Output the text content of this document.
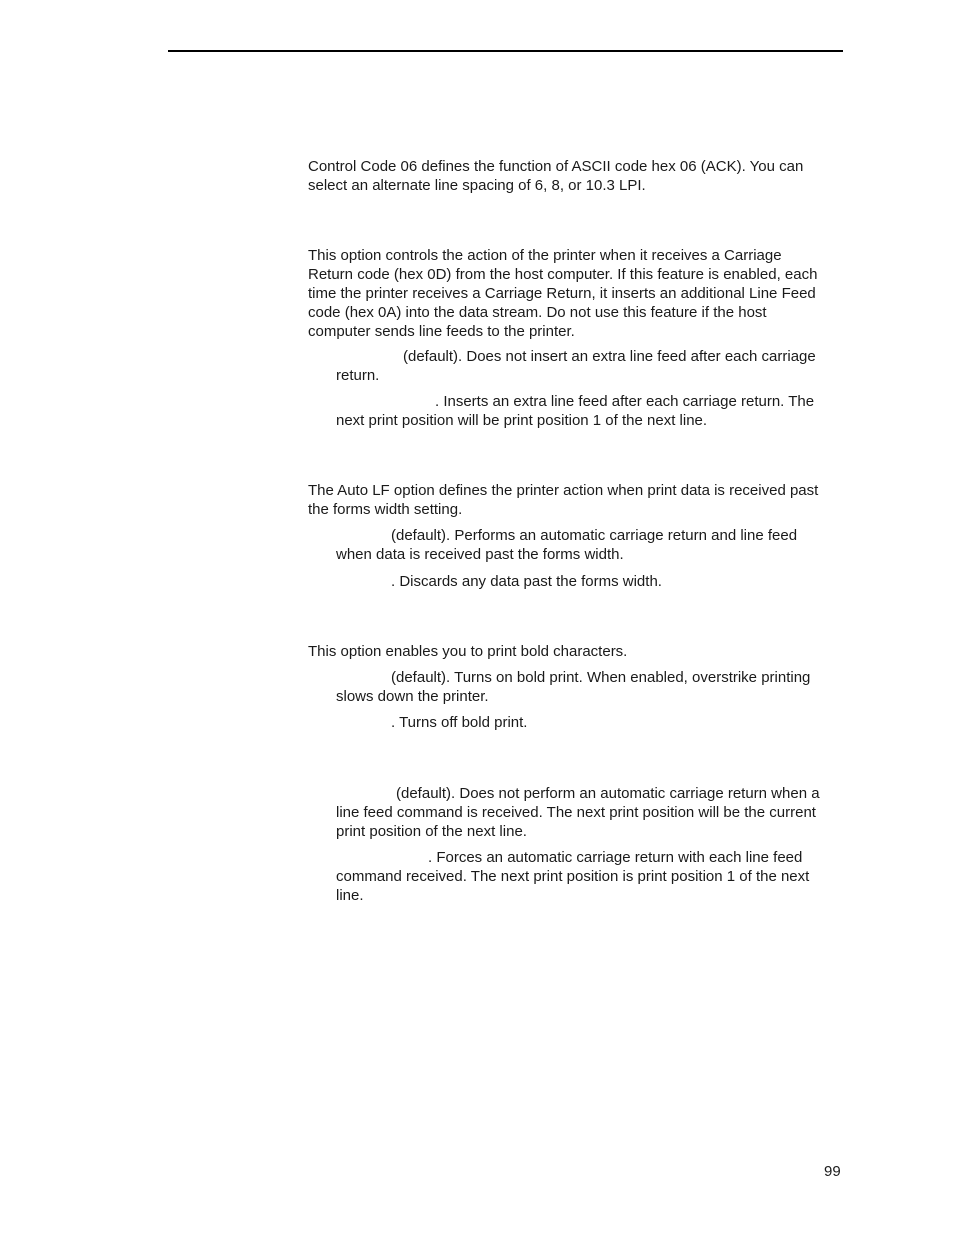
Control Code 06 defines the function of ASCII code hex 06 (ACK). You can
select an alternate line spacing of 6, 8, or 10.3 LPI.

This option controls the action of the printer when it receives a Carriage
Return code (hex 0D) from the host computer. If this feature is enabled, each
time the printer receives a Carriage Return, it inserts an additional Line Feed
code (hex 0A) into the data stream. Do not use this feature if the host
computer sends line feeds to the printer.

(default). Does not insert an extra line feed after each carriage
return.

. Inserts an extra line feed after each carriage return. The
next print position will be print position 1 of the next line.

The Auto LF option defines the printer action when print data is received past
the forms width setting.

(default). Performs an automatic carriage return and line feed
when data is received past the forms width.

. Discards any data past the forms width.

This option enables you to print bold characters.

(default). Turns on bold print. When enabled, overstrike printing
slows down the printer.

. Turns off bold print.

(default). Does not perform an automatic carriage return when a
line feed command is received. The next print position will be the current
print position of the next line.

. Forces an automatic carriage return with each line feed
command received. The next print position is print position 1 of the next
line.

99
